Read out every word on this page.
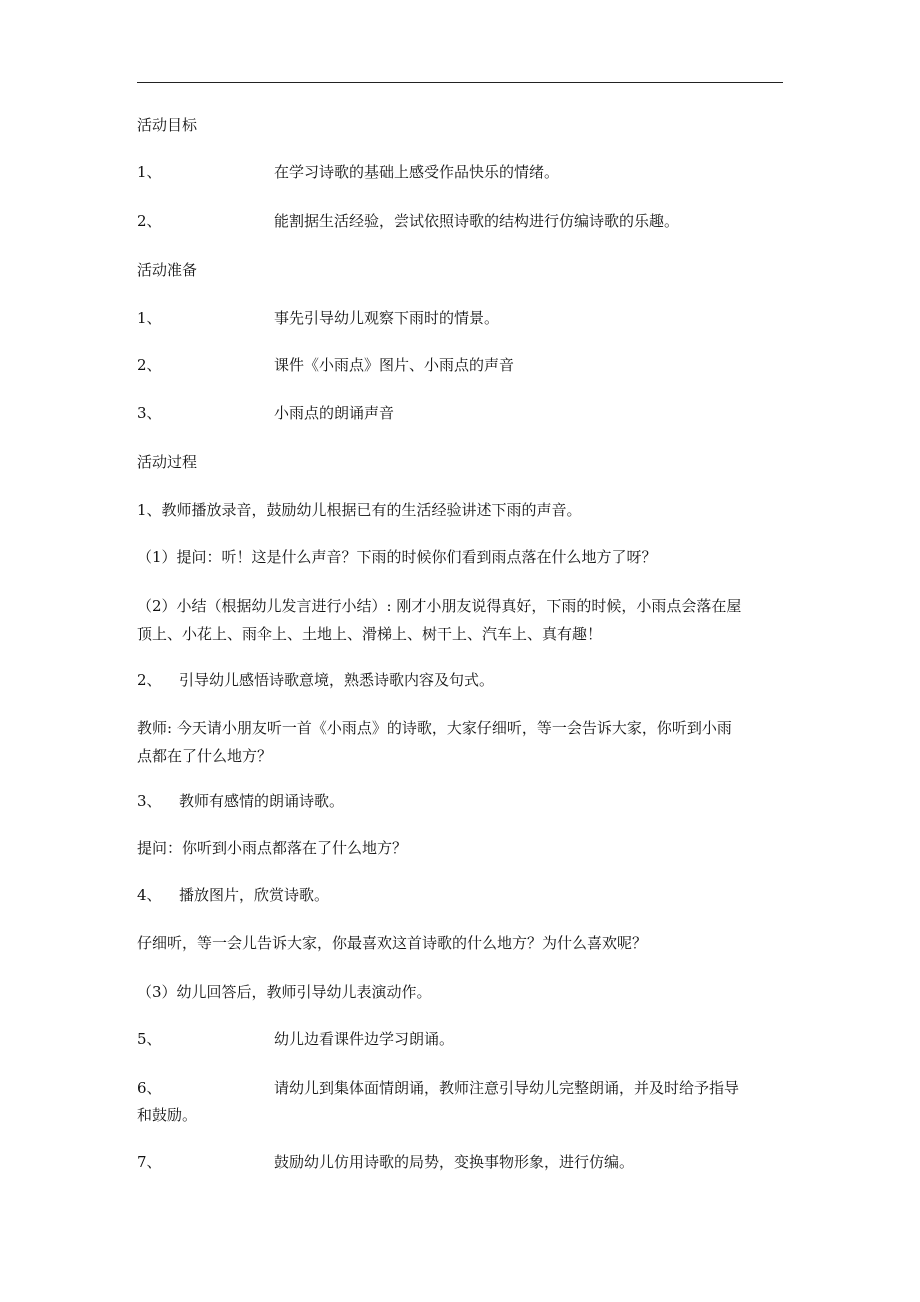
活动目标
1、	在学习诗歌的基础上感受作品快乐的情绪。
2、	能割据生活经验，尝试依照诗歌的结构进行仿编诗歌的乐趣。
活动准备
1、	事先引导幼儿观察下雨时的情景。
2、	课件《小雨点》图片、小雨点的声音
3、	小雨点的朗诵声音
活动过程
1、教师播放录音，鼓励幼儿根据已有的生活经验讲述下雨的声音。
（1）提问：听！这是什么声音？下雨的时候你们看到雨点落在什么地方了呀？
（2）小结（根据幼儿发言进行小结）: 刚才小朋友说得真好，下雨的时候，小雨点会落在屋
顶上、小花上、雨伞上、土地上、滑梯上、树干上、汽车上、真有趣！
2、 引导幼儿感悟诗歌意境，熟悉诗歌内容及句式。
教师: 今天请小朋友听一首《小雨点》的诗歌，大家仔细听，等一会告诉大家，你听到小雨
点都在了什么地方？
3、 教师有感情的朗诵诗歌。
提问：你听到小雨点都落在了什么地方？
4、 播放图片，欣赏诗歌。
仔细听，等一会儿告诉大家，你最喜欢这首诗歌的什么地方？为什么喜欢呢？
（3）幼儿回答后，教师引导幼儿表演动作。
5、	幼儿边看课件边学习朗诵。
6、	请幼儿到集体面情朗诵，教师注意引导幼儿完整朗诵，并及时给予指导
和鼓励。
7、	鼓励幼儿仿用诗歌的局势，变换事物形象，进行仿编。
